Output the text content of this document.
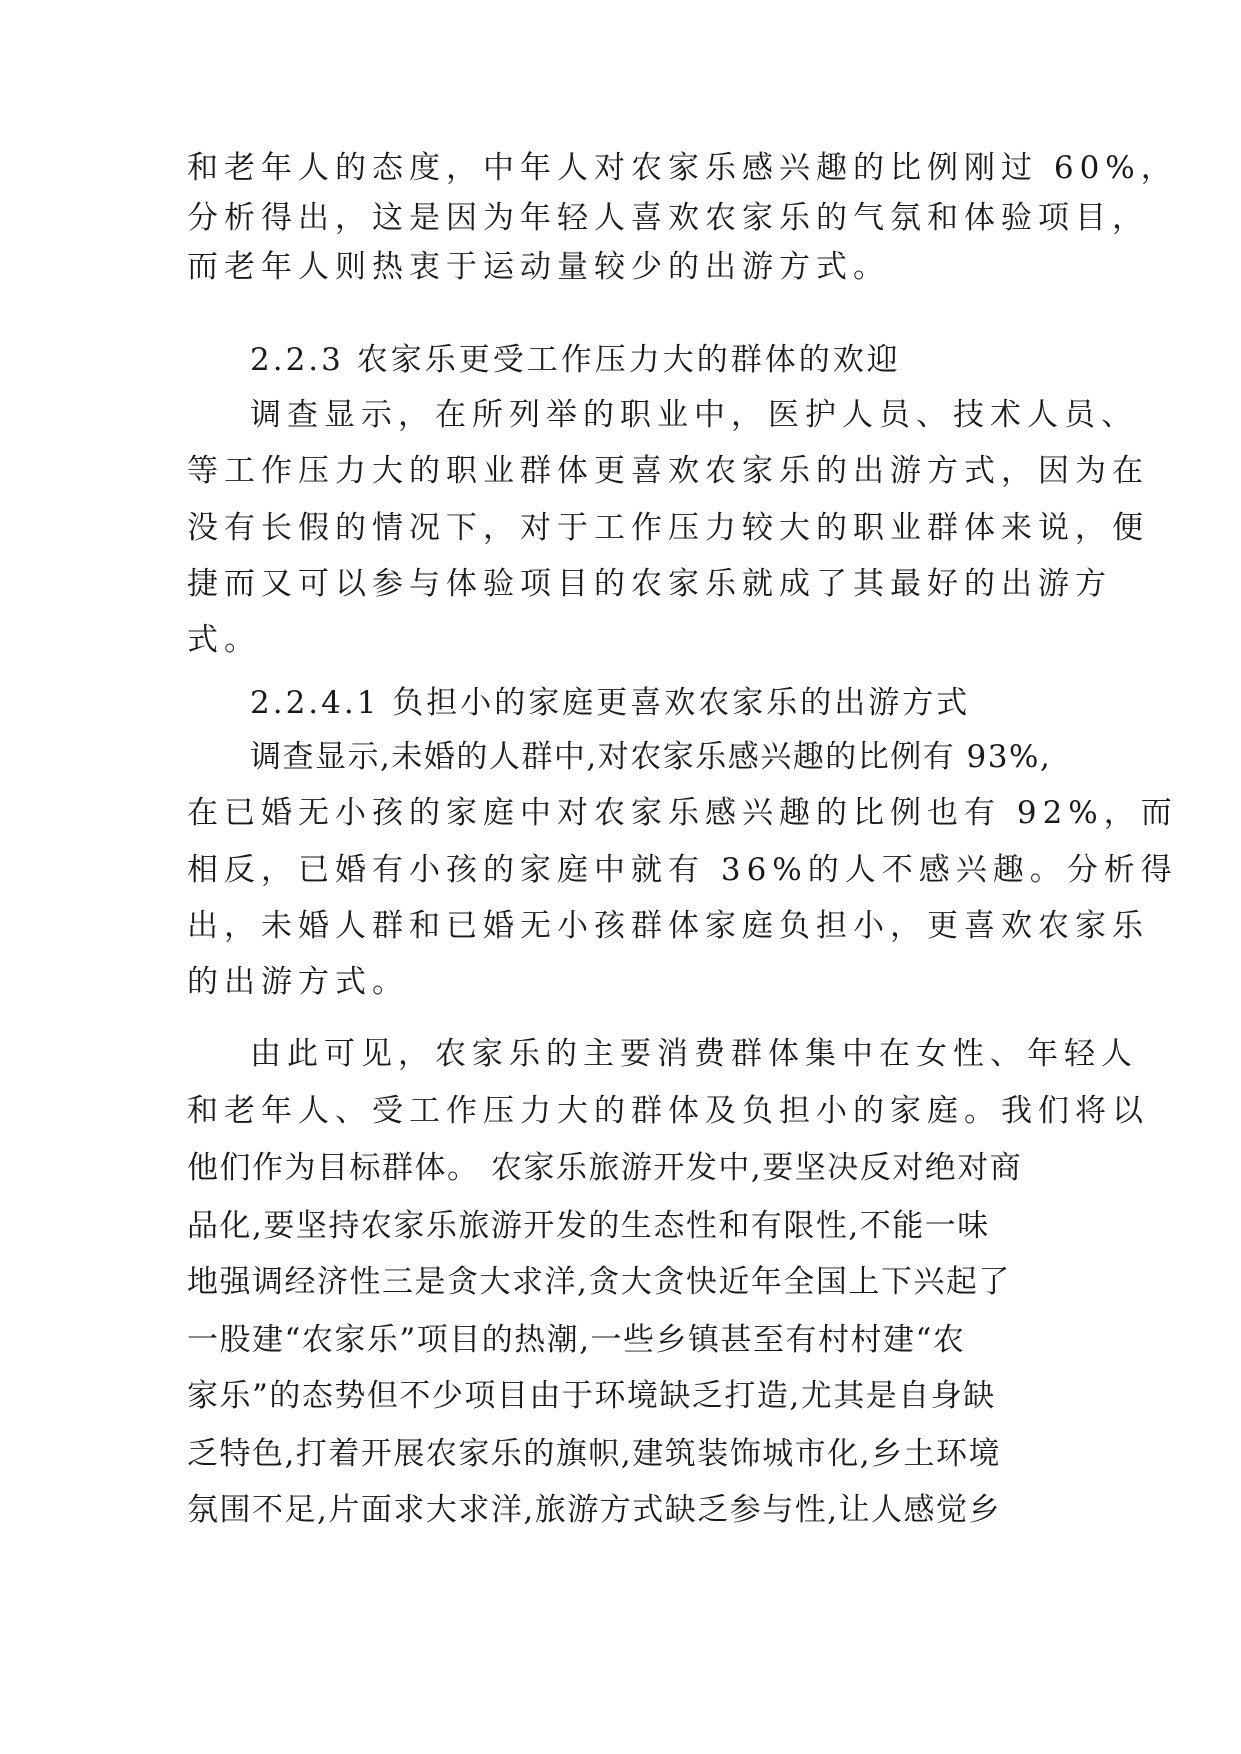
和老年人的态度，中年人对农家乐感兴趣的比例刚过 60%，
分析得出，这是因为年轻人喜欢农家乐的气氛和体验项目，
而老年人则热衷于运动量较少的出游方式。
2.2.3 农家乐更受工作压力大的群体的欢迎
调查显示，在所列举的职业中，医护人员、技术人员、
等工作压力大的职业群体更喜欢农家乐的出游方式，因为在
没有长假的情况下，对于工作压力较大的职业群体来说，便
捷而又可以参与体验项目的农家乐就成了其最好的出游方
式。
2.2.4.1 负担小的家庭更喜欢农家乐的出游方式
调查显示,未婚的人群中,对农家乐感兴趣的比例有 93%,
在已婚无小孩的家庭中对农家乐感兴趣的比例也有 92%，而
相反，已婚有小孩的家庭中就有 36%的人不感兴趣。分析得
出，未婚人群和已婚无小孩群体家庭负担小，更喜欢农家乐
的出游方式。
由此可见，农家乐的主要消费群体集中在女性、年轻人
和老年人、受工作压力大的群体及负担小的家庭。我们将以
他们作为目标群体。 农家乐旅游开发中,要坚决反对绝对商
品化,要坚持农家乐旅游开发的生态性和有限性,不能一味
地强调经济性三是贪大求洋,贪大贪快近年全国上下兴起了
一股建“农家乐”项目的热潮,一些乡镇甚至有村村建“农
家乐”的态势但不少项目由于环境缺乏打造,尤其是自身缺
乏特色,打着开展农家乐的旗帜,建筑装饰城市化,乡土环境
氛围不足,片面求大求洋,旅游方式缺乏参与性,让人感觉乡
